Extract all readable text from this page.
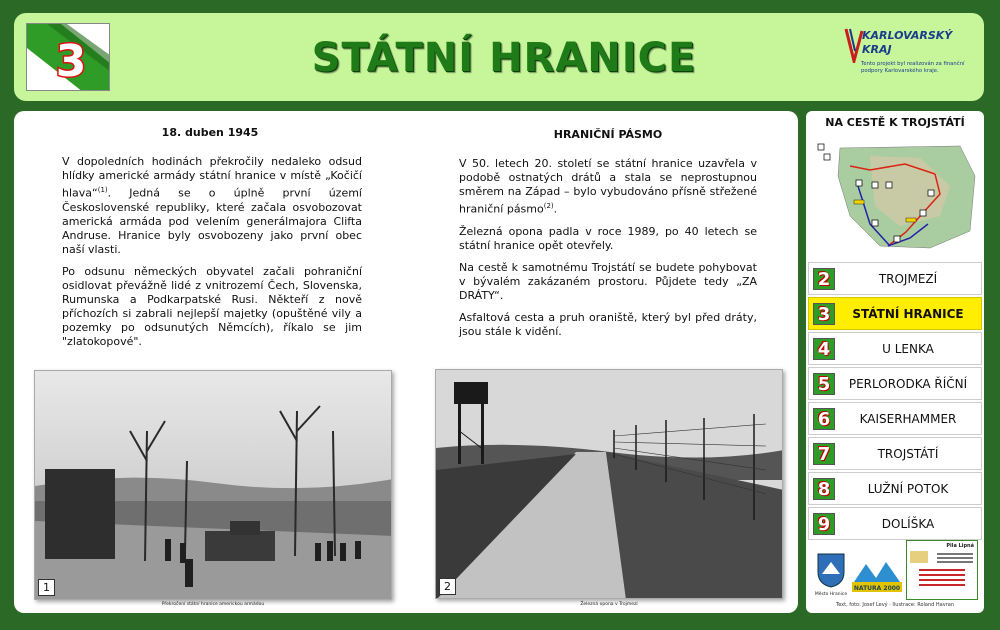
3	STÁTNÍ HRANICE	KARLOVARSKÝ
KRAJ
Tento projekt byl realizován za finanční podpory Karlovarského kraje.
18. duben 1945

V dopoledních hodinách překročily nedaleko odsud hlídky americké armády státní hranice v místě „Kočičí hlava“$^{(1)}$. Jedná se o úplně první území Československé republiky, které začala osvobozovat americká armáda pod velením generálmajora Clifta Andruse. Hranice byly osvobozeny jako první obec naší vlasti.

Po odsunu německých obyvatel začali pohraniční osidlovat převážně lidé z vnitrozemí Čech, Slovenska, Rumunska a Podkarpatské Rusi. Někteří z nově příchozích si zabrali nejlepší majetky (opuštěné vily a pozemky po odsunutých Němcích), říkalo se jim "zlatokopové".

HRANIČNÍ PÁSMO

V 50. letech 20. století se státní hranice uzavřela v podobě ostnatých drátů a stala se neprostupnou směrem na Západ – bylo vybudováno přísně střežené hraniční pásmo$^{(2)}$.

Železná opona padla v roce 1989, po 40 letech se státní hranice opět otevřely.

Na cestě k samotnému Trojstátí se budete pohybovat v bývalém zakázaném prostoru. Půjdete tedy „ZA DRÁTY“.

Asfaltová cesta a pruh oraniště, který byl před dráty, jsou stále k vidění.

1
Překročení státní hranice americkou armádou
2
Železná opona v Trojmezí
NA CESTĚ K TROJSTÁTÍ
2	TROJMEZÍ
3	STÁTNÍ HRANICE
4	U LENKA
5	PERLORODKA ŘÍČNÍ
6	KAISERHAMMER
7	TROJSTÁTÍ
8	LUŽNÍ POTOK
9	DOLÍŠKA
Město Hranice
NATURA 2000
Pila Lipná
Text, foto: Josef Levý · Ilustrace: Roland Havran
